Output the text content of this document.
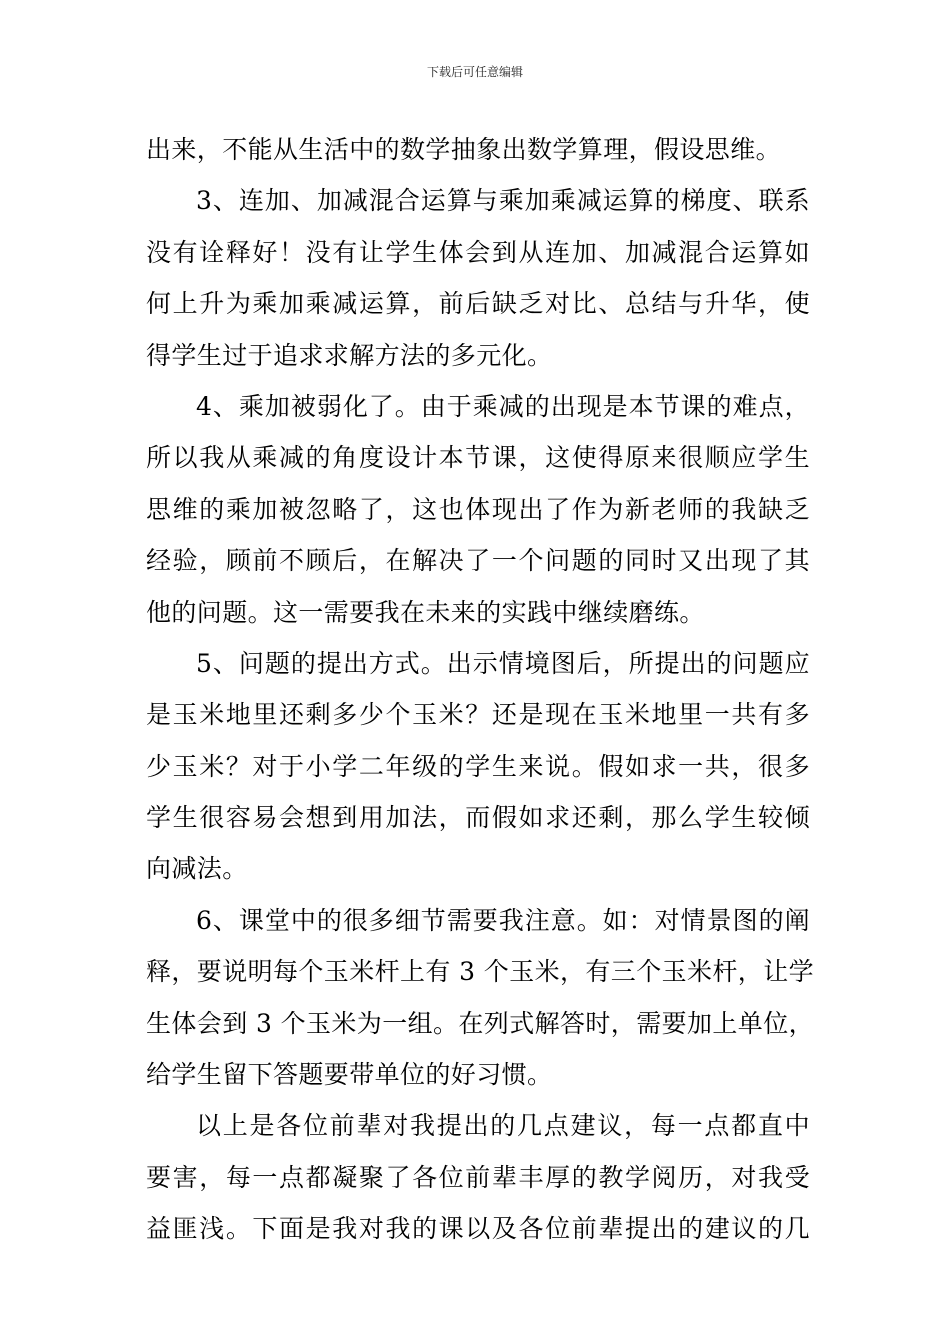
下载后可任意编辑
出来，不能从生活中的数学抽象出数学算理，假设思维。
3、连加、加减混合运算与乘加乘减运算的梯度、联系
没有诠释好！没有让学生体会到从连加、加减混合运算如
何上升为乘加乘减运算，前后缺乏对比、总结与升华，使
得学生过于追求求解方法的多元化。
4、乘加被弱化了。由于乘减的出现是本节课的难点，
所以我从乘减的角度设计本节课，这使得原来很顺应学生
思维的乘加被忽略了，这也体现出了作为新老师的我缺乏
经验，顾前不顾后，在解决了一个问题的同时又出现了其
他的问题。这一需要我在未来的实践中继续磨练。
5、问题的提出方式。出示情境图后，所提出的问题应
是玉米地里还剩多少个玉米？还是现在玉米地里一共有多
少玉米？对于小学二年级的学生来说。假如求一共，很多
学生很容易会想到用加法，而假如求还剩，那么学生较倾
向减法。
6、课堂中的很多细节需要我注意。如：对情景图的阐
释，要说明每个玉米杆上有 3 个玉米，有三个玉米杆，让学
生体会到 3 个玉米为一组。在列式解答时，需要加上单位，
给学生留下答题要带单位的好习惯。
以上是各位前辈对我提出的几点建议，每一点都直中
要害，每一点都凝聚了各位前辈丰厚的教学阅历，对我受
益匪浅。下面是我对我的课以及各位前辈提出的建议的几
